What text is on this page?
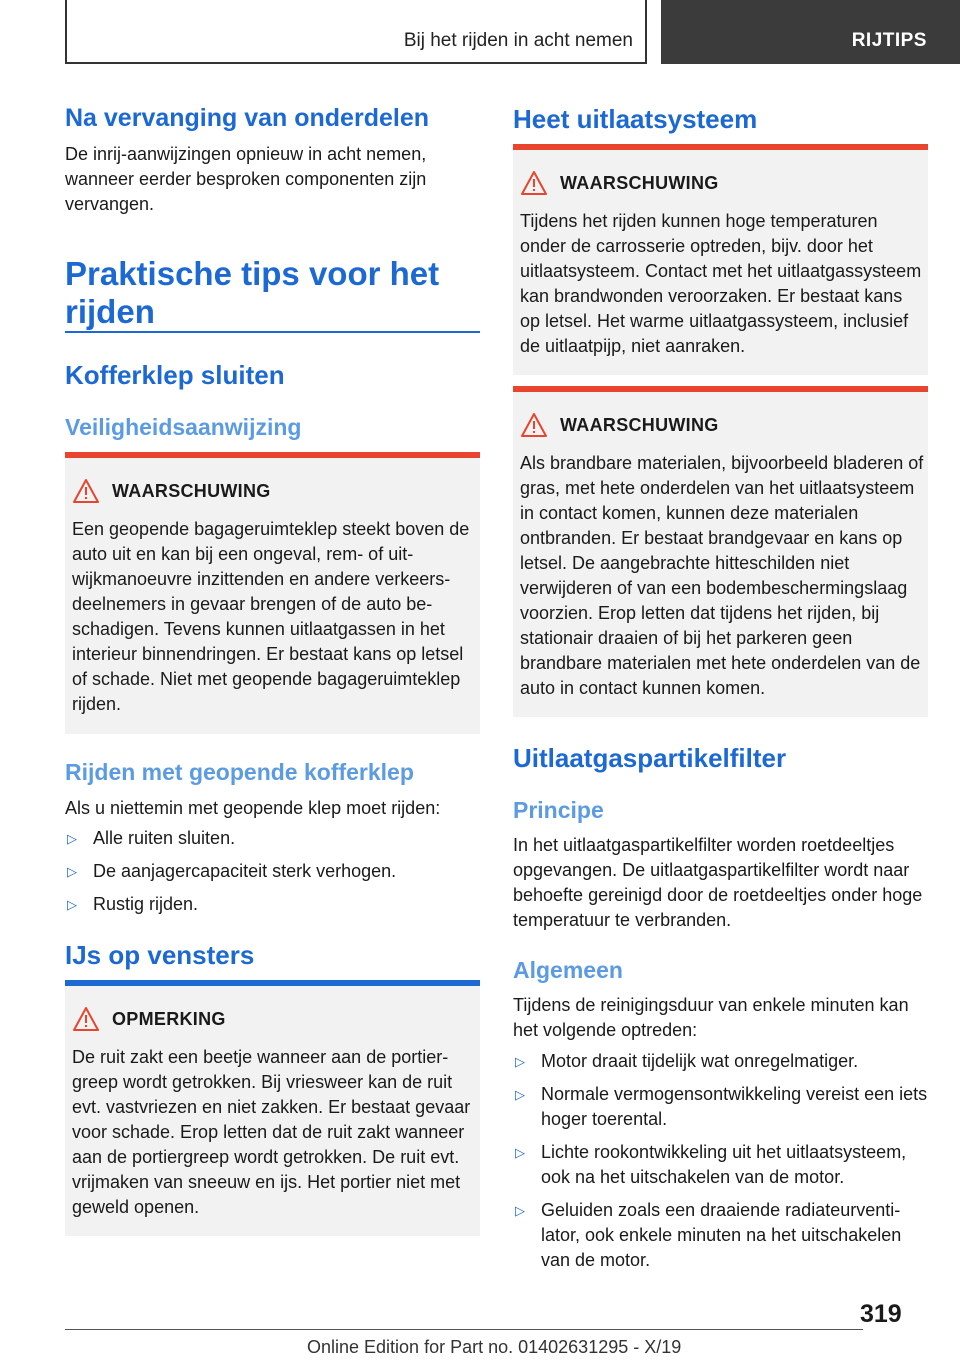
Bij het rijden in acht nemen	RIJTIPS
Na vervanging van onderdelen

De inrij-aanwijzingen opnieuw in acht nemen, wanneer eerder besproken componenten zijn vervangen.

Praktische tips voor het rijden
Kofferklep sluiten
Veiligheidsaanwijzing
WAARSCHUWING

Een geopende bagageruimteklep steekt boven de auto uit en kan bij een ongeval, rem- of uitwijkmanoeuvre inzittenden en andere verkeersdeelnemers in gevaar brengen of de auto beschadigen. Tevens kunnen uitlaatgassen in het interieur binnendringen. Er bestaat kans op letsel of schade. Niet met geopende bagageruimteklep rijden.

Rijden met geopende kofferklep

Als u niettemin met geopende klep moet rijden:

▷ Alle ruiten sluiten.
▷ De aanjagercapaciteit sterk verhogen.
▷ Rustig rijden.
IJs op vensters
OPMERKING

De ruit zakt een beetje wanneer aan de portiergreep wordt getrokken. Bij vriesweer kan de ruit evt. vastvriezen en niet zakken. Er bestaat gevaar voor schade. Erop letten dat de ruit zakt wanneer aan de portiergreep wordt getrokken. De ruit evt. vrijmaken van sneeuw en ijs. Het portier niet met geweld openen.

Heet uitlaatsysteem
WAARSCHUWING

Tijdens het rijden kunnen hoge temperaturen onder de carrosserie optreden, bijv. door het uitlaatsysteem. Contact met het uitlaatgassysteem kan brandwonden veroorzaken. Er bestaat kans op letsel. Het warme uitlaatgassysteem, inclusief de uitlaatpijp, niet aanraken.

WAARSCHUWING

Als brandbare materialen, bijvoorbeeld bladeren of gras, met hete onderdelen van het uitlaatsysteem in contact komen, kunnen deze materialen ontbranden. Er bestaat brandgevaar en kans op letsel. De aangebrachte hitteschilden niet verwijderen of van een bodembeschermingslaag voorzien. Erop letten dat tijdens het rijden, bij stationair draaien of bij het parkeren geen brandbare materialen met hete onderdelen van de auto in contact kunnen komen.

Uitlaatgaspartikelfilter
Principe

In het uitlaatgaspartikelfilter worden roetdeeltjes opgevangen. De uitlaatgaspartikelfilter wordt naar behoefte gereinigd door de roetdeeltjes onder hoge temperatuur te verbranden.

Algemeen

Tijdens de reinigingsduur van enkele minuten kan het volgende optreden:

▷ Motor draait tijdelijk wat onregelmatiger.
▷ Normale vermogensontwikkeling vereist een iets hoger toerental.
▷ Lichte rookontwikkeling uit het uitlaatsysteem, ook na het uitschakelen van de motor.
▷ Geluiden zoals een draaiende radiateurventilator, ook enkele minuten na het uitschakelen van de motor.
319
Online Edition for Part no. 01402631295 - X/19
